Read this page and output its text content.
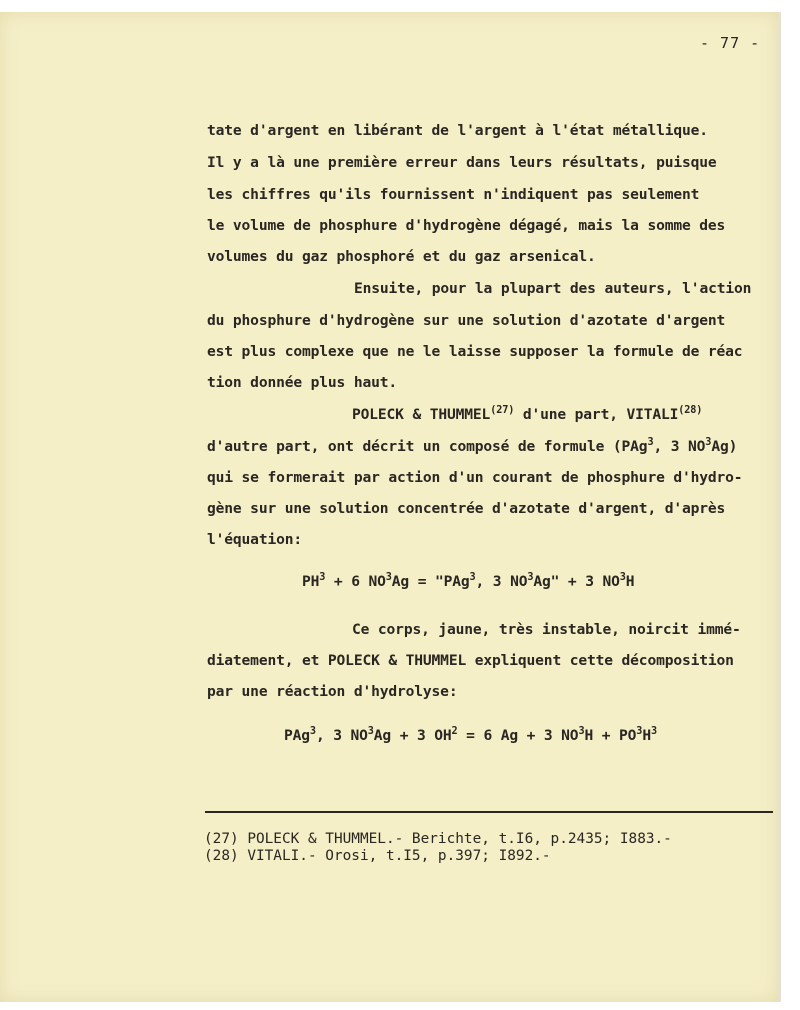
- 77 -
tate d'argent en libérant de l'argent à l'état métallique.
Il y a là une première erreur dans leurs résultats, puisque
les chiffres qu'ils fournissent n'indiquent pas seulement
le volume de phosphure d'hydrogène dégagé, mais la somme des
volumes du gaz phosphoré et du gaz arsenical.
Ensuite, pour la plupart des auteurs, l'action
du phosphure d'hydrogène sur une solution d'azotate d'argent
est plus complexe que ne le laisse supposer la formule de réac
tion donnée plus haut.
POLECK & THUMMEL$^{(27)}$ d'une part, VITALI$^{(28)}$
d'autre part, ont décrit un composé de formule (PAg$^3$, 3 $NO^3Ag$)
qui se formerait par action d'un courant de phosphure d'hydro-
gène sur une solution concentrée d'azotate d'argent, d'après
l'équation:
$PH^3 + 6$ $NO^3Ag$ = "PAg$^3$, 3 $NO^3Ag$" + 3 $NO^3H$
Ce corps, jaune, très instable, noircit immé-
diatement, et POLECK & THUMMEL expliquent cette décomposition
par une réaction d'hydrolyse:
PAg$^3$, 3 $NO^3Ag + 3$ $OH^2 = 6$ Ag + 3 $NO^3H + PO^3H^3$
(27) POLECK & THUMMEL.- Berichte, t.I6, p.2435; I883.-
(28) VITALI.- Orosi, t.I5, p.397; I892.-
